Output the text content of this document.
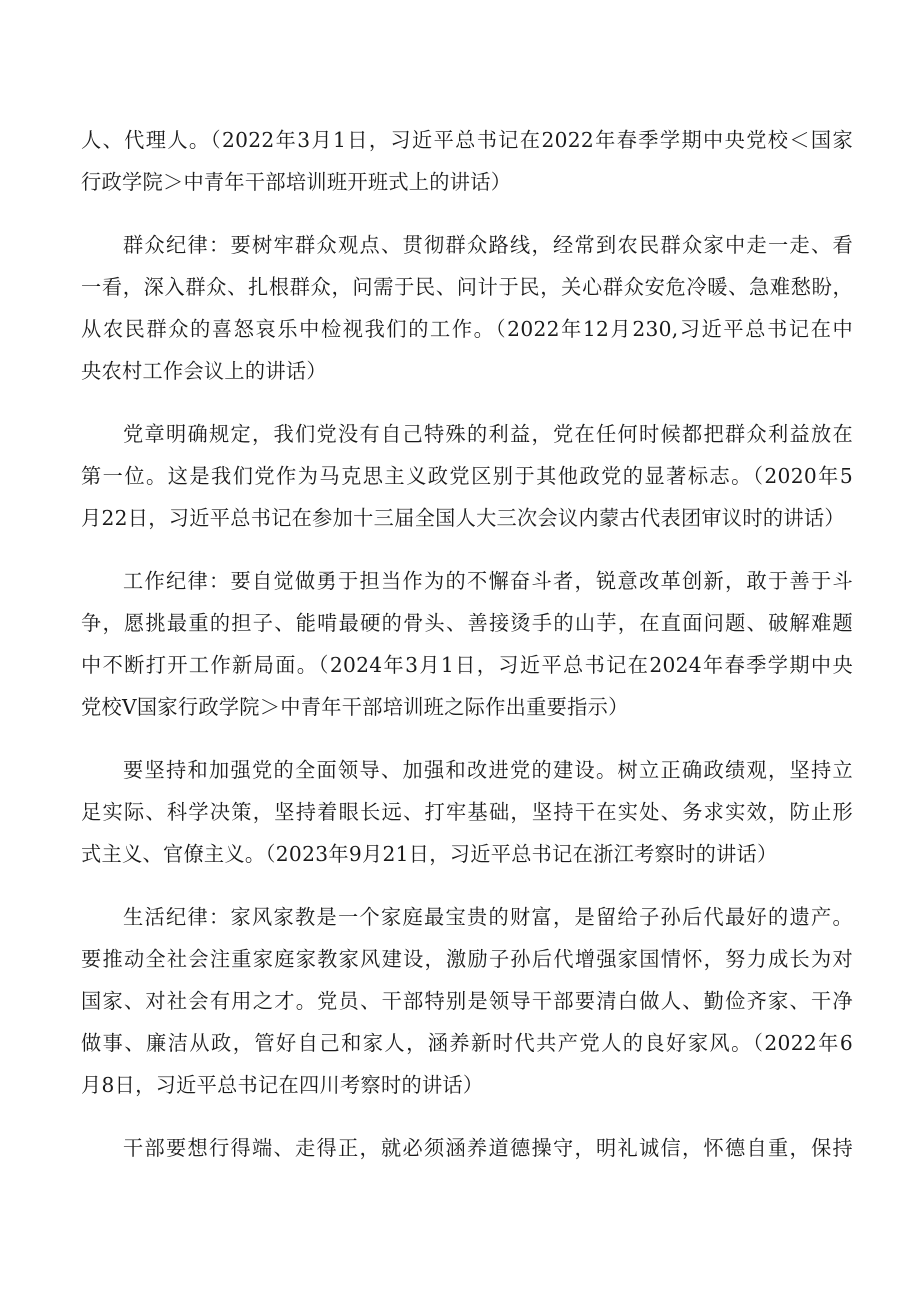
人、代理人。（2022年3月1日，习近平总书记在2022年春季学期中央党校＜国家
行政学院＞中青年干部培训班开班式上的讲话）
群众纪律：要树牢群众观点、贯彻群众路线，经常到农民群众家中走一走、看
一看，深入群众、扎根群众，问需于民、问计于民，关心群众安危冷暖、急难愁盼，
从农民群众的喜怒哀乐中检视我们的工作。（2022年12月230,习近平总书记在中
央农村工作会议上的讲话）
党章明确规定，我们党没有自己特殊的利益，党在任何时候都把群众利益放在
第一位。这是我们党作为马克思主义政党区别于其他政党的显著标志。（2020年5
月22日，习近平总书记在参加十三届全国人大三次会议内蒙古代表团审议时的讲话）
工作纪律：要自觉做勇于担当作为的不懈奋斗者，锐意改革创新，敢于善于斗
争，愿挑最重的担子、能啃最硬的骨头、善接烫手的山芋，在直面问题、破解难题
中不断打开工作新局面。（2024年3月1日，习近平总书记在2024年春季学期中央
党校V国家行政学院＞中青年干部培训班之际作出重要指示）
要坚持和加强党的全面领导、加强和改进党的建设。树立正确政绩观，坚持立
足实际、科学决策，坚持着眼长远、打牢基础，坚持干在实处、务求实效，防止形
式主义、官僚主义。（2023年9月21日，习近平总书记在浙江考察时的讲话）
生活纪律：家风家教是一个家庭最宝贵的财富，是留给子孙后代最好的遗产。
要推动全社会注重家庭家教家风建设，激励子孙后代增强家国情怀，努力成长为对
国家、对社会有用之才。党员、干部特别是领导干部要清白做人、勤俭齐家、干净
做事、廉洁从政，管好自己和家人，涵养新时代共产党人的良好家风。（2022年6
月8日，习近平总书记在四川考察时的讲话）
干部要想行得端、走得正，就必须涵养道德操守，明礼诚信，怀德自重，保持
